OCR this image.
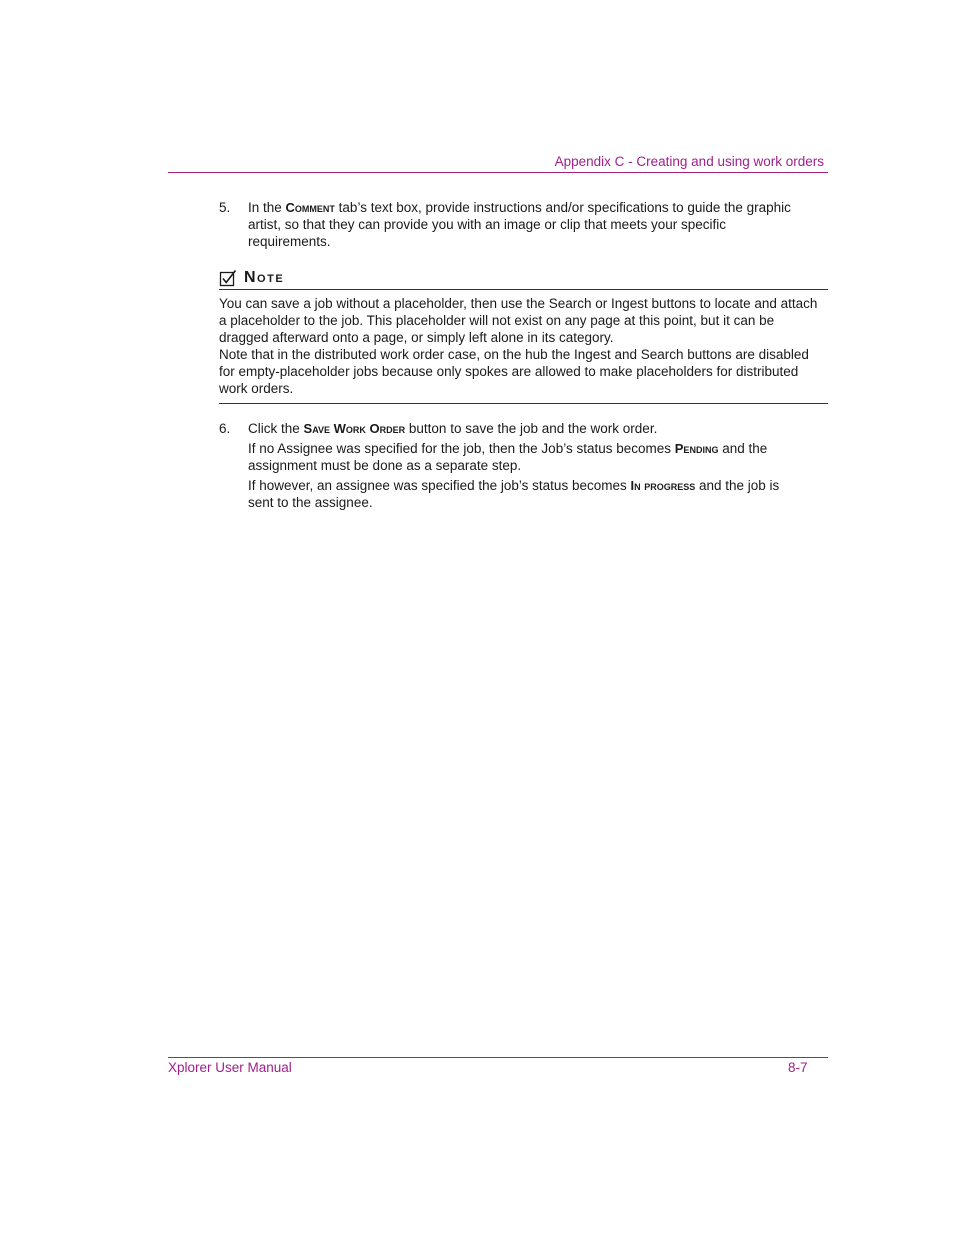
Appendix C - Creating and using work orders
5. In the Comment tab’s text box, provide instructions and/or specifications to guide the graphic artist, so that they can provide you with an image or clip that meets your specific requirements.

Note

You can save a job without a placeholder, then use the Search or Ingest buttons to locate and attach a placeholder to the job. This placeholder will not exist on any page at this point, but it can be dragged afterward onto a page, or simply left alone in its category.

Note that in the distributed work order case, on the hub the Ingest and Search buttons are disabled for empty-placeholder jobs because only spokes are allowed to make placeholders for distributed work orders.

6. Click the Save Work Order button to save the job and the work order.

If no Assignee was specified for the job, then the Job’s status becomes Pending and the assignment must be done as a separate step.

If however, an assignee was specified the job’s status becomes In progress and the job is sent to the assignee.

Xplorer User Manual	8-7
